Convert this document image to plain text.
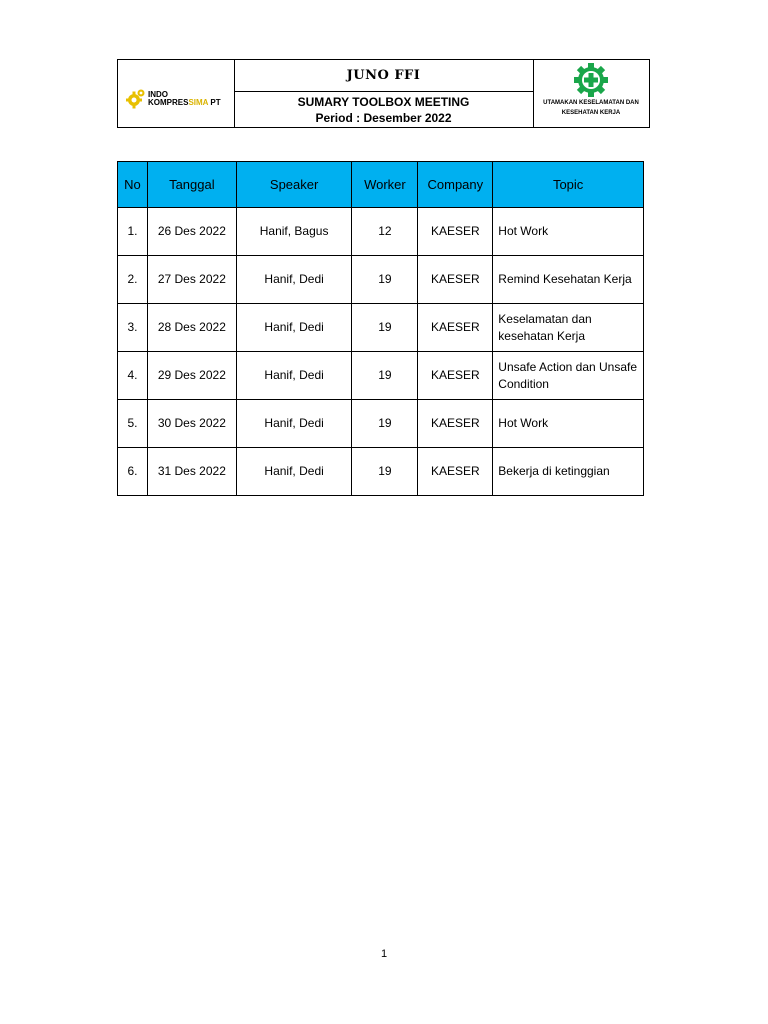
INDO
KOMPRESSIMA PT
JUNO FFI
SUMARY TOOLBOX MEETING
Period : Desember 2022
UTAMAKAN KESELAMATAN DAN
KESEHATAN KERJA
No	Tanggal	Speaker	Worker	Company	Topic
1.	26 Des 2022	Hanif, Bagus	12	KAESER	Hot Work
2.	27 Des 2022	Hanif, Dedi	19	KAESER	Remind Kesehatan Kerja
3.	28 Des 2022	Hanif, Dedi	19	KAESER	Keselamatan dan kesehatan Kerja
4.	29 Des 2022	Hanif, Dedi	19	KAESER	Unsafe Action dan Unsafe Condition
5.	30 Des 2022	Hanif, Dedi	19	KAESER	Hot Work
6.	31 Des 2022	Hanif, Dedi	19	KAESER	Bekerja di ketinggian
1
